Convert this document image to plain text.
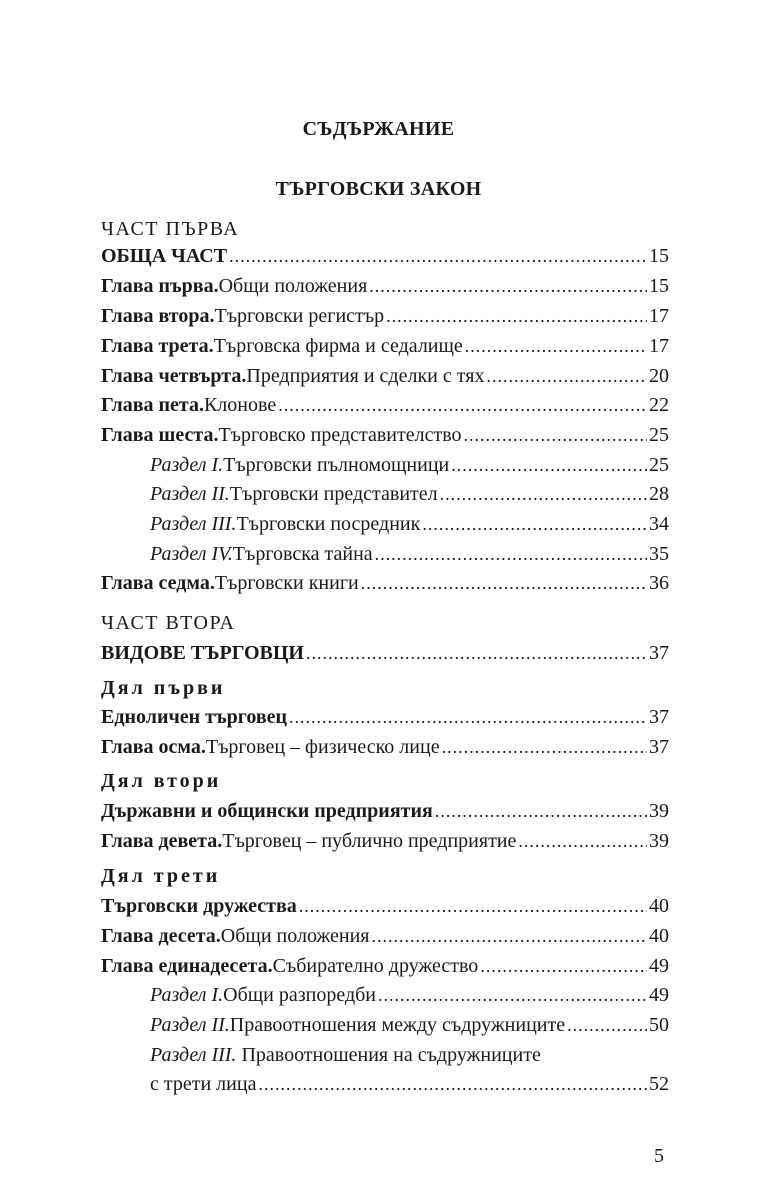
СЪДЪРЖАНИЕ
ТЪРГОВСКИ ЗАКОН
ЧАСТ ПЪРВА
ОБЩА ЧАСТ .....	15
Глава първа. Общи положения .....	15
Глава втора. Търговски регистър .....	17
Глава трета. Търговска фирма и седалище .....	17
Глава четвърта. Предприятия и сделки с тях .....	20
Глава пета. Клонове .....	22
Глава шеста. Търговско представителство .....	25
Раздел I. Търговски пълномощници .....	25
Раздел II. Търговски представител .....	28
Раздел III. Търговски посредник .....	34
Раздел IV. Търговска тайна .....	35
Глава седма. Търговски книги .....	36
ЧАСТ ВТОРА
ВИДОВЕ ТЪРГОВЦИ .....	37
Дял първи
Едноличен търговец .....	37
Глава осма. Търговец – физическо лице .....	37
Дял втори
Държавни и общински предприятия .....	39
Глава девета. Търговец – публично предприятие .....	39
Дял трети
Търговски дружества .....	40
Глава десета. Общи положения .....	40
Глава единадесета. Събирателно дружество .....	49
Раздел I. Общи разпоредби .....	49
Раздел II. Правоотношения между съдружниците .....	50
Раздел III. Правоотношения на съдружниците
с трети лица .....	52
5
